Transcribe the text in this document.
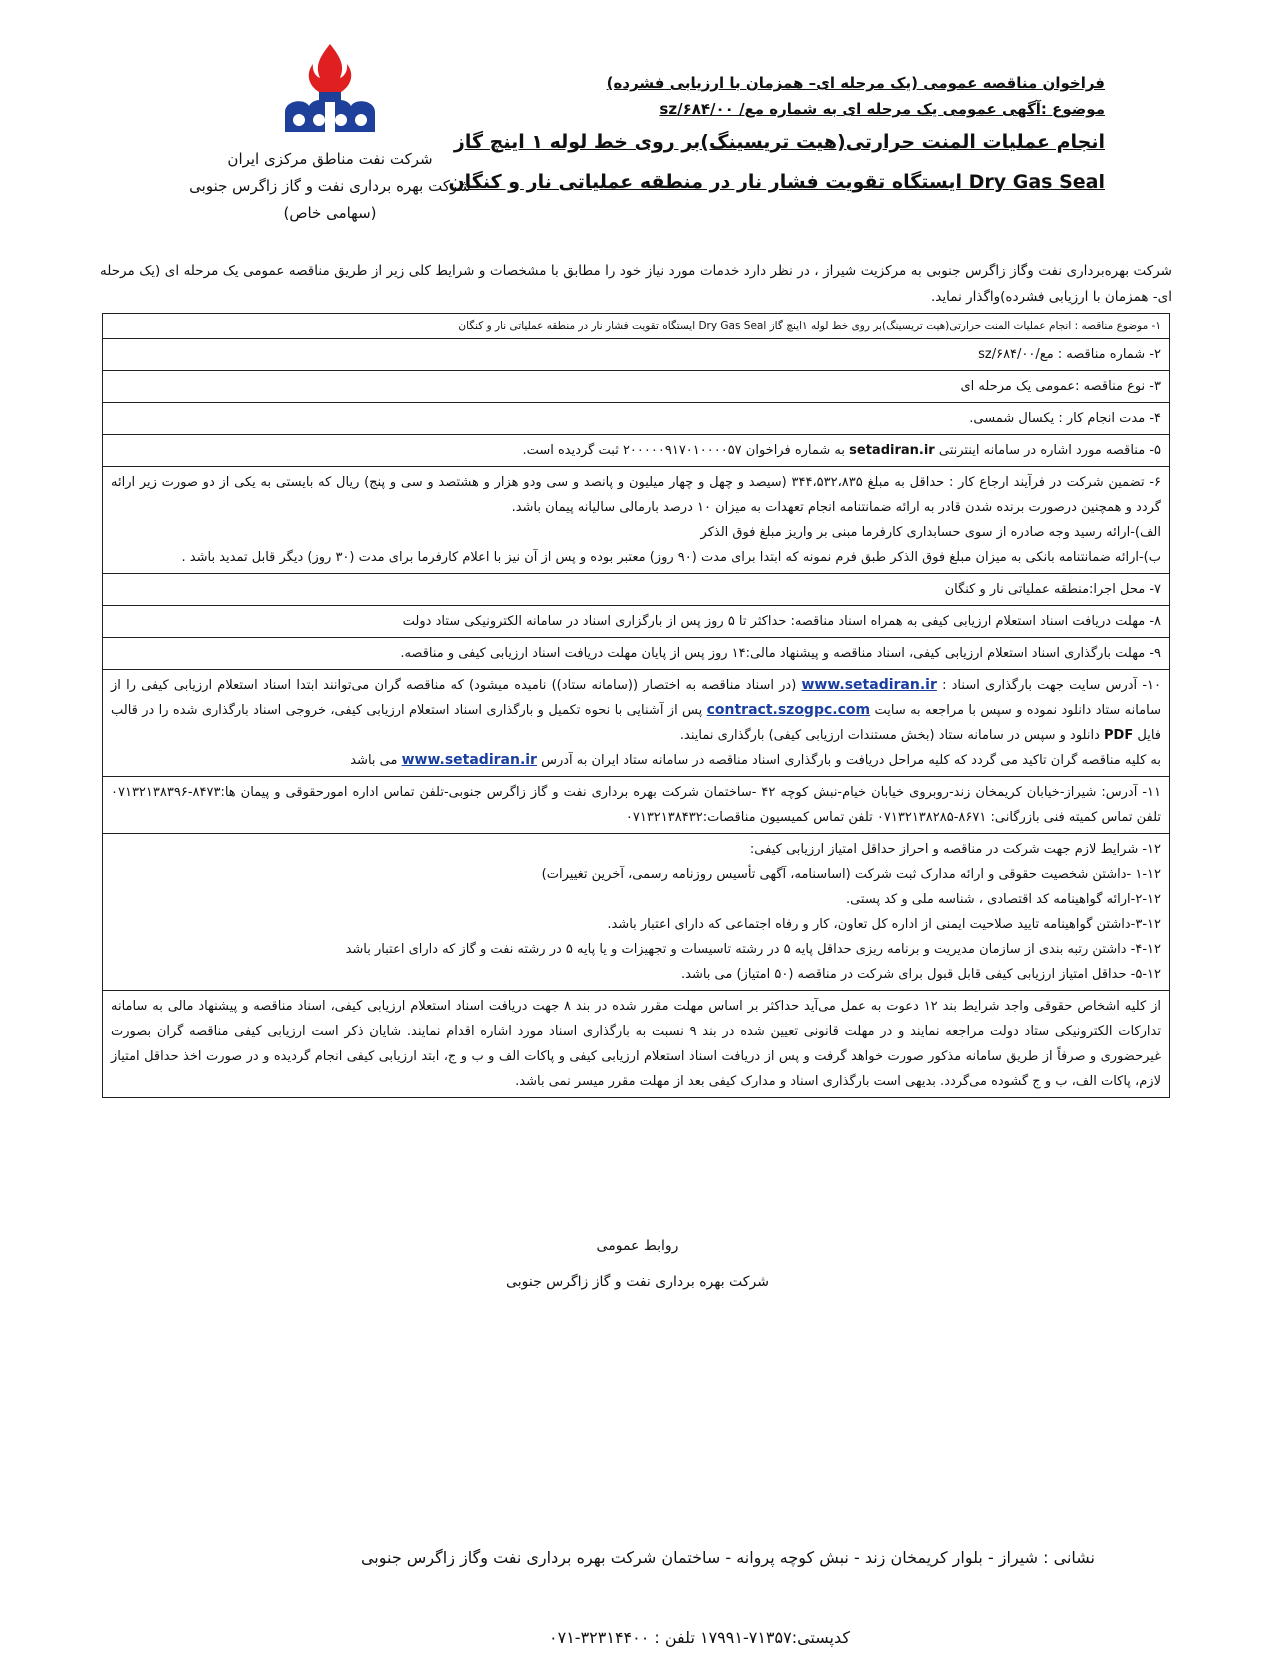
شرکت نفت مناطق مرکزی ایران
شرکت بهره برداری نفت و گاز زاگرس جنوبی
(سهامی خاص)
فراخوان مناقصه عمومی (یک مرحله ای– همزمان با ارزیابی فشرده)
موضوع :آگهی عمومی یک مرحله ای به شماره مع/ ۶۸۴/۰۰/sz
انجام عملیات المنت حرارتی(هیت تریسینگ)بر روی خط لوله ۱ اینچ گاز
Dry Gas Seal ایستگاه تقویت فشار نار در منطقه عملیاتی نار و کنگان
شرکت بهره‌برداری نفت وگاز زاگرس جنوبی به مرکزیت شیراز ، در نظر دارد خدمات مورد نیاز خود را مطابق با مشخصات و شرایط کلی زیر از طریق مناقصه عمومی یک مرحله ای (یک مرحله ای- همزمان با ارزیابی فشرده)واگذار نماید.
۱- موضوع مناقصه : انجام عملیات المنت حرارتی(هیت تریسینگ)بر روی خط لوله ۱اینچ گاز Dry Gas Seal ایستگاه تقویت فشار نار در منطقه عملیاتی نار و کنگان
۲- شماره مناقصه : مع/۶۸۴/۰۰/sz
۳- نوع مناقصه :عمومی یک مرحله ای
۴- مدت انجام کار : یکسال شمسی.
۵- مناقصه مورد اشاره در سامانه اینترنتی setadiran.ir به شماره فراخوان ۲۰۰۰۰۰۹۱۷۰۱۰۰۰۰۵۷ ثبت گردیده است.

۶- تضمین شرکت در فرآیند ارجاع کار : حداقل به مبلغ ۳۴۴،۵۳۲،۸۳۵ (سیصد و چهل و چهار میلیون و پانصد و سی ودو هزار و هشتصد و سی و پنج) ریال که بایستی به یکی از دو صورت زیر ارائه گردد و همچنین درصورت برنده شدن قادر به ارائه ضمانتنامه انجام تعهدات به میزان ۱۰ درصد بارمالی سالیانه پیمان باشد.

الف)-ارائه رسید وجه صادره از سوی حسابداری کارفرما مبنی بر واریز مبلغ فوق الذکر

ب)-ارائه ضمانتنامه بانکی به میزان مبلغ فوق الذکر طبق فرم نمونه که ابتدا برای مدت (۹۰ روز) معتبر بوده و پس از آن نیز با اعلام کارفرما برای مدت (۳۰ روز) دیگر قابل تمدید باشد .

۷- محل اجرا:منطقه عملیاتی نار و کنگان
۸- مهلت دریافت اسناد استعلام ارزیابی کیفی به همراه اسناد مناقصه: حداکثر تا ۵ روز پس از بارگزاری اسناد در سامانه الکترونیکی ستاد دولت
۹- مهلت بارگذاری اسناد استعلام ارزیابی کیفی، اسناد مناقصه و پیشنهاد مالی:۱۴ روز پس از پایان مهلت دریافت اسناد ارزیابی کیفی و مناقصه.

۱۰- آدرس سایت جهت بارگذاری اسناد : www.setadiran.ir (در اسناد مناقصه به اختصار ((سامانه ستاد)) نامیده میشود) که مناقصه گران می‌توانند ابتدا اسناد استعلام ارزیابی کیفی را از سامانه ستاد دانلود نموده و سپس با مراجعه به سایت contract.szogpc.com پس از آشنایی با نحوه تکمیل و بارگذاری اسناد استعلام ارزیابی کیفی، خروجی اسناد بارگذاری شده را در قالب فایل PDF دانلود و سپس در سامانه ستاد (بخش مستندات ارزیابی کیفی) بارگذاری نمایند.

به کلیه مناقصه گران تاکید می گردد که کلیه مراحل دریافت و بارگذاری اسناد مناقصه در سامانه ستاد ایران به آدرس www.setadiran.ir می باشد

۱۱- آدرس: شیراز-خیابان کریمخان زند-روبروی خیابان خیام-نبش کوچه ۴۲ -ساختمان شرکت بهره برداری نفت و گاز زاگرس جنوبی-تلفن تماس اداره امورحقوقی و پیمان ها:۸۴۷۳-۰۷۱۳۲۱۳۸۳۹۶ تلفن تماس کمیته فنی بازرگانی: ۸۶۷۱-۰۷۱۳۲۱۳۸۲۸۵ تلفن تماس کمیسیون مناقصات:۰۷۱۳۲۱۳۸۴۳۲

۱۲- شرایط لازم جهت شرکت در مناقصه و احراز حداقل امتیاز ارزیابی کیفی:

۱-۱۲ -داشتن شخصیت حقوقی و ارائه مدارک ثبت شرکت (اساسنامه، آگهی تأسیس روزنامه رسمی، آخرین تغییرات)

۲-۱۲-ارائه گواهینامه کد اقتصادی ، شناسه ملی و کد پستی.

۳-۱۲-داشتن گواهینامه تایید صلاحیت ایمنی از اداره کل تعاون، کار و رفاه اجتماعی که دارای اعتبار باشد.

۴-۱۲- داشتن رتبه بندی از سازمان مدیریت و برنامه ریزی حداقل پایه ۵ در رشته تاسیسات و تجهیزات و یا پایه ۵ در رشته نفت و گاز که دارای اعتبار باشد

۵-۱۲- حداقل امتیاز ارزیابی کیفی قابل قبول برای شرکت در مناقصه (۵۰ امتیاز) می باشد.

از کلیه اشخاص حقوقی واجد شرایط بند ۱۲ دعوت به عمل می‌آید حداکثر بر اساس مهلت مقرر شده در بند ۸ جهت دریافت اسناد استعلام ارزیابی کیفی، اسناد مناقصه و پیشنهاد مالی به سامانه تدارکات الکترونیکی ستاد دولت مراجعه نمایند و در مهلت قانونی تعیین شده در بند ۹ نسبت به بارگذاری اسناد مورد اشاره اقدام نمایند. شایان ذکر است ارزیابی کیفی مناقصه گران بصورت غیرحضوری و صرفاً از طریق سامانه مذکور صورت خواهد گرفت و پس از دریافت اسناد استعلام ارزیابی کیفی و پاکات الف و ب و ج، ابتد ارزیابی کیفی انجام گردیده و در صورت اخذ حداقل امتیاز لازم، پاکات الف، ب و ج گشوده می‌گردد. بدیهی است بارگذاری اسناد و مدارک کیفی بعد از مهلت مقرر میسر نمی باشد.
روابط عمومی
شرکت بهره برداری نفت و گاز زاگرس جنوبی
نشانی : شیراز - بلوار کریمخان زند - نبش کوچه پروانه - ساختمان شرکت بهره برداری نفت وگاز زاگرس جنوبی
کدپستی:۷۱۳۵۷-۱۷۹۹۱ تلفن : ۳۲۳۱۴۴۰۰-۰۷۱
